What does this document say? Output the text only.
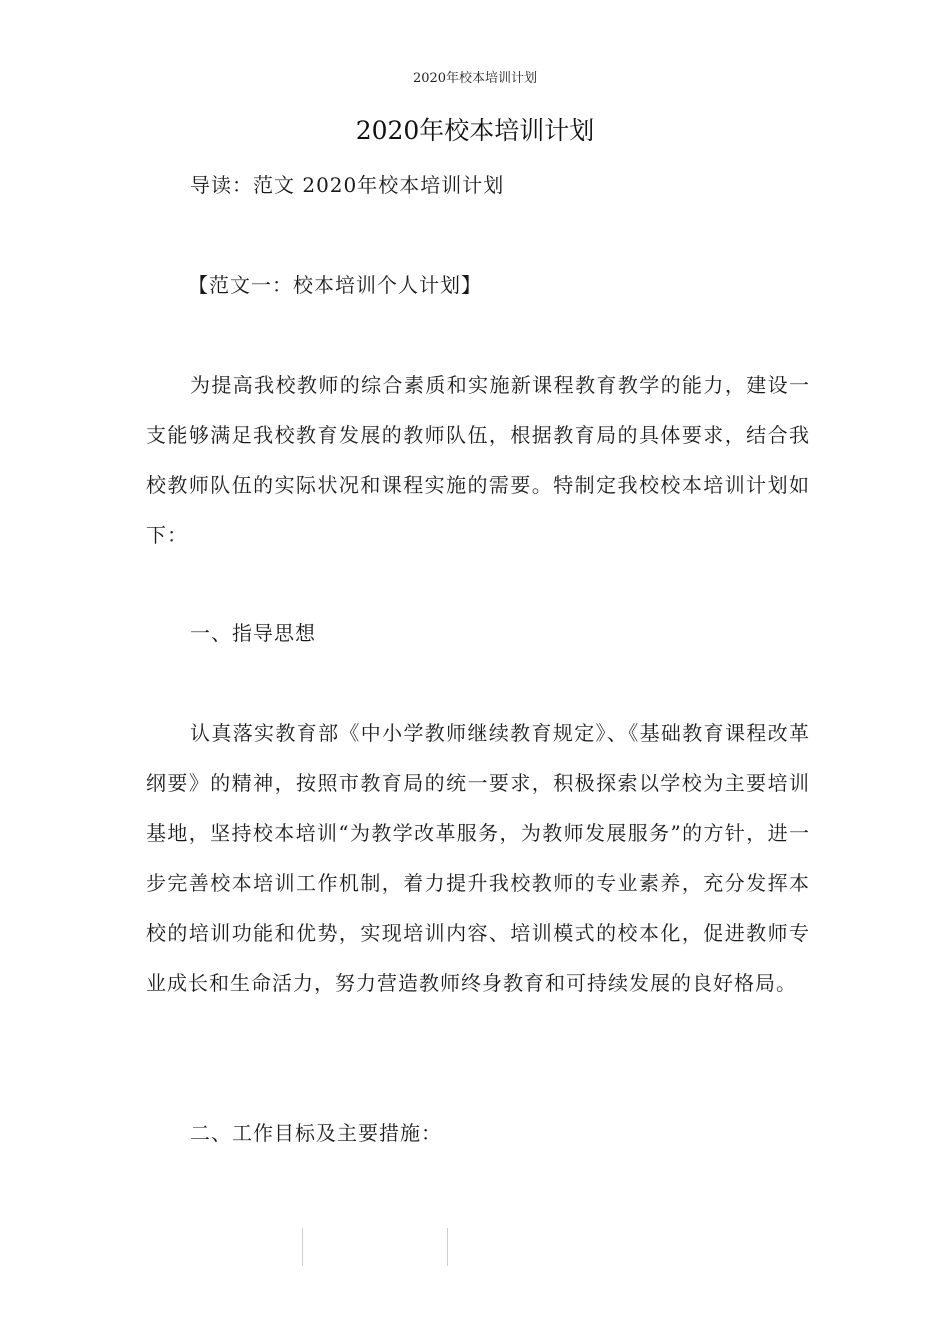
2020年校本培训计划
2020年校本培训计划

导读：范文 2020年校本培训计划

【范文一：校本培训个人计划】

为提高我校教师的综合素质和实施新课程教育教学的能力，建设一支能够满足我校教育发展的教师队伍，根据教育局的具体要求，结合我校教师队伍的实际状况和课程实施的需要。特制定我校校本培训计划如下：

一、指导思想

认真落实教育部《中小学教师继续教育规定》、《基础教育课程改革纲要》的精神，按照市教育局的统一要求，积极探索以学校为主要培训基地，坚持校本培训“为教学改革服务，为教师发展服务”的方针，进一步完善校本培训工作机制，着力提升我校教师的专业素养，充分发挥本校的培训功能和优势，实现培训内容、培训模式的校本化，促进教师专业成长和生命活力，努力营造教师终身教育和可持续发展的良好格局。

二、工作目标及主要措施：
